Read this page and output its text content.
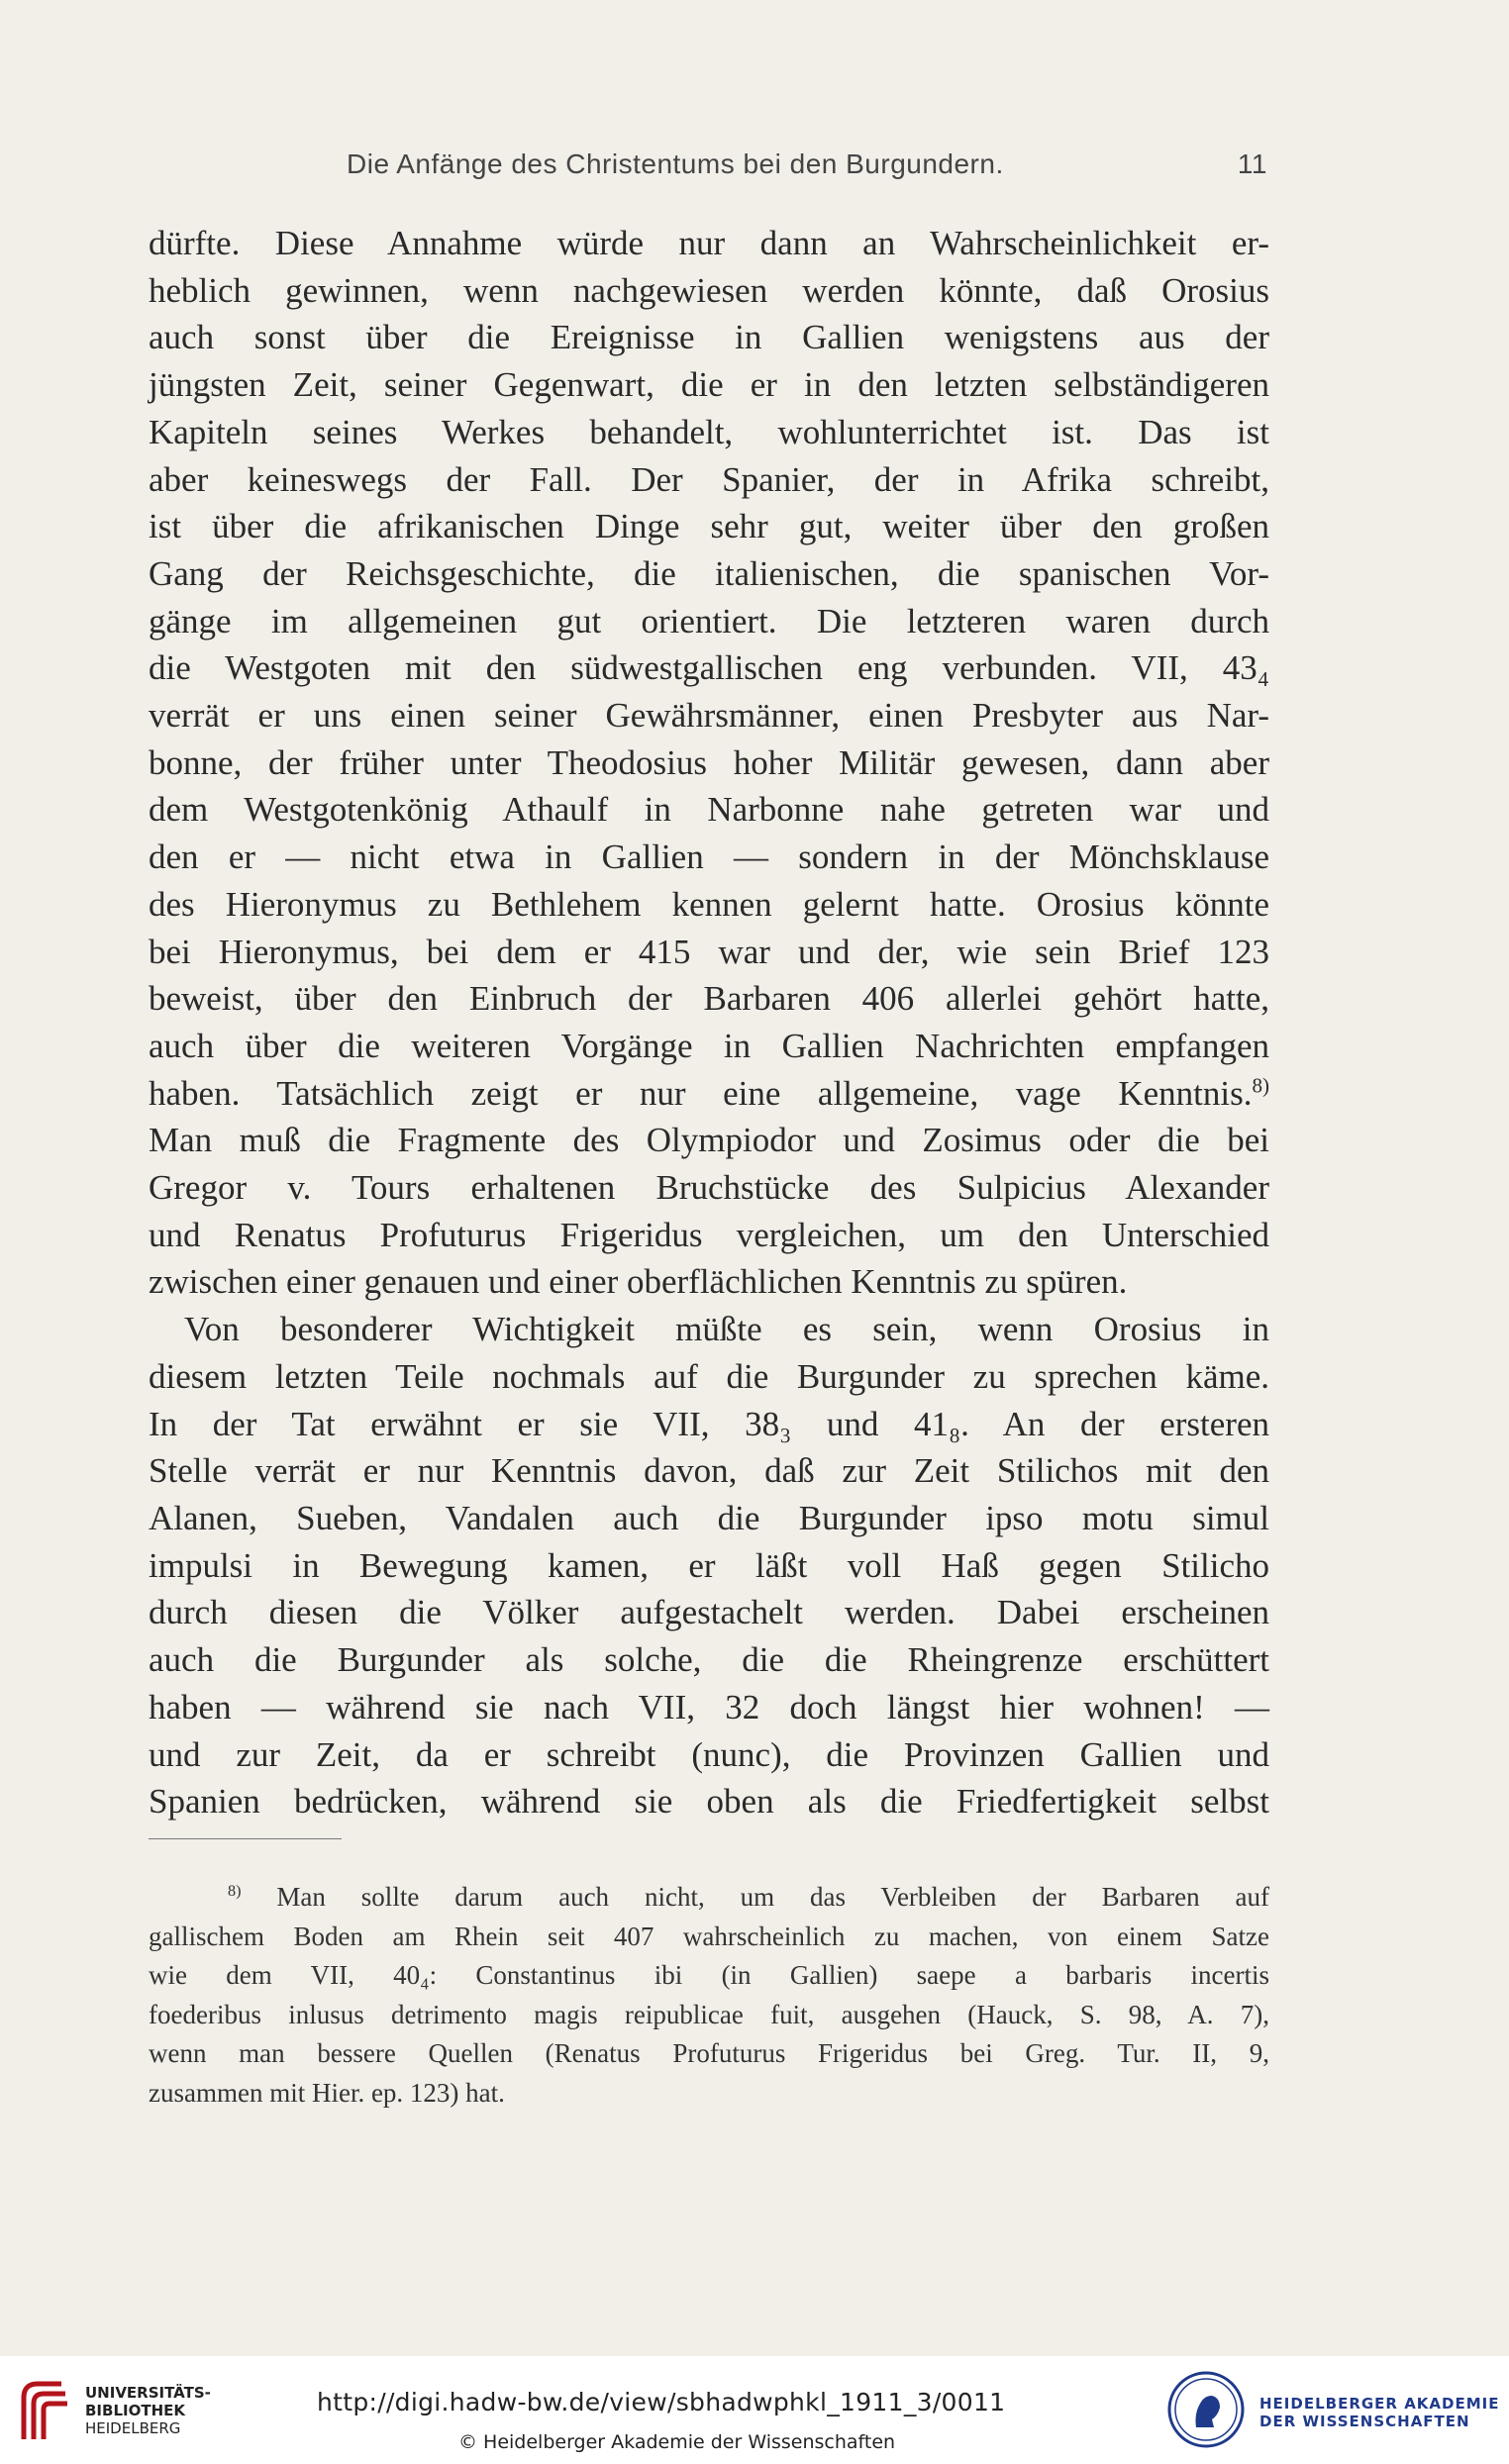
Die Anfänge des Christentums bei den Burgundern.	11
dürfte. Diese Annahme würde nur dann an Wahrscheinlichkeit er-
heblich gewinnen, wenn nachgewiesen werden könnte, daß Orosius
auch sonst über die Ereignisse in Gallien wenigstens aus der
jüngsten Zeit, seiner Gegenwart, die er in den letzten selbständigeren
Kapiteln seines Werkes behandelt, wohlunterrichtet ist. Das ist
aber keineswegs der Fall. Der Spanier, der in Afrika schreibt,
ist über die afrikanischen Dinge sehr gut, weiter über den großen
Gang der Reichsgeschichte, die italienischen, die spanischen Vor-
gänge im allgemeinen gut orientiert. Die letzteren waren durch
die Westgoten mit den südwestgallischen eng verbunden. VII, 43₄
verrät er uns einen seiner Gewährsmänner, einen Presbyter aus Nar-
bonne, der früher unter Theodosius hoher Militär gewesen, dann aber
dem Westgotenkönig Athaulf in Narbonne nahe getreten war und
den er — nicht etwa in Gallien — sondern in der Mönchsklause
des Hieronymus zu Bethlehem kennen gelernt hatte. Orosius könnte
bei Hieronymus, bei dem er 415 war und der, wie sein Brief 123
beweist, über den Einbruch der Barbaren 406 allerlei gehört hatte,
auch über die weiteren Vorgänge in Gallien Nachrichten empfangen
haben. Tatsächlich zeigt er nur eine allgemeine, vage Kenntnis.$^{8)}$
Man muß die Fragmente des Olympiodor und Zosimus oder die bei
Gregor v. Tours erhaltenen Bruchstücke des Sulpicius Alexander
und Renatus Profuturus Frigeridus vergleichen, um den Unterschied
zwischen einer genauen und einer oberflächlichen Kenntnis zu spüren.
Von besonderer Wichtigkeit müßte es sein, wenn Orosius in
diesem letzten Teile nochmals auf die Burgunder zu sprechen käme.
In der Tat erwähnt er sie VII, 38₃ und 41₈. An der ersteren
Stelle verrät er nur Kenntnis davon, daß zur Zeit Stilichos mit den
Alanen, Sueben, Vandalen auch die Burgunder ipso motu simul
impulsi in Bewegung kamen, er läßt voll Haß gegen Stilicho
durch diesen die Völker aufgestachelt werden. Dabei erscheinen
auch die Burgunder als solche, die die Rheingrenze erschüttert
haben — während sie nach VII, 32 doch längst hier wohnen! —
und zur Zeit, da er schreibt (nunc), die Provinzen Gallien und
Spanien bedrücken, während sie oben als die Friedfertigkeit selbst
$^{8)}$ Man sollte darum auch nicht, um das Verbleiben der Barbaren auf
gallischem Boden am Rhein seit 407 wahrscheinlich zu machen, von einem Satze
wie dem VII, 40₄: Constantinus ibi (in Gallien) saepe a barbaris incertis
foederibus inlusus detrimento magis reipublicae fuit, ausgehen (Hauck, S. 98, A. 7),
wenn man bessere Quellen (Renatus Profuturus Frigeridus bei Greg. Tur. II, 9,
zusammen mit Hier. ep. 123) hat.
UNIVERSITÄTS-
BIBLIOTHEK
HEIDELBERG
http://digi.hadw-bw.de/view/sbhadwphkl_1911_3/0011
© Heidelberger Akademie der Wissenschaften
HEIDELBERGER AKADEMIE
DER WISSENSCHAFTEN
